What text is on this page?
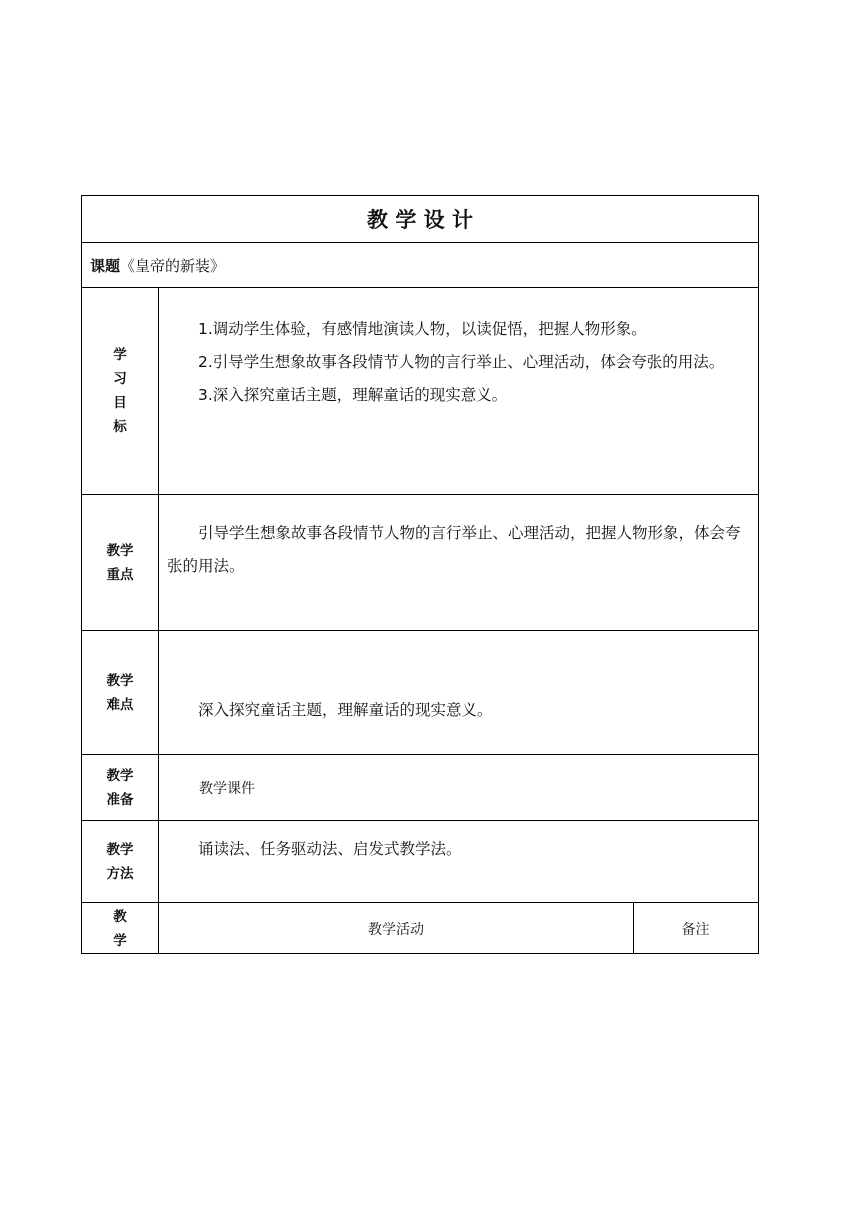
教 学 设 计
课题 《皇帝的新装》
学
习
目
标

1.调动学生体验，有感情地演读人物，以读促悟，把握人物形象。

2.引导学生想象故事各段情节人物的言行举止、心理活动，体会夸张的用法。

3.深入探究童话主题，理解童话的现实意义。

教学
重点

引导学生想象故事各段情节人物的言行举止、心理活动，把握人物形象，体会夸张的用法。

教学
难点	深入探究童话主题，理解童话的现实意义。

教学
准备
教学课件
教学
方法

诵读法、任务驱动法、启发式教学法。

教
学
教学活动	备注
